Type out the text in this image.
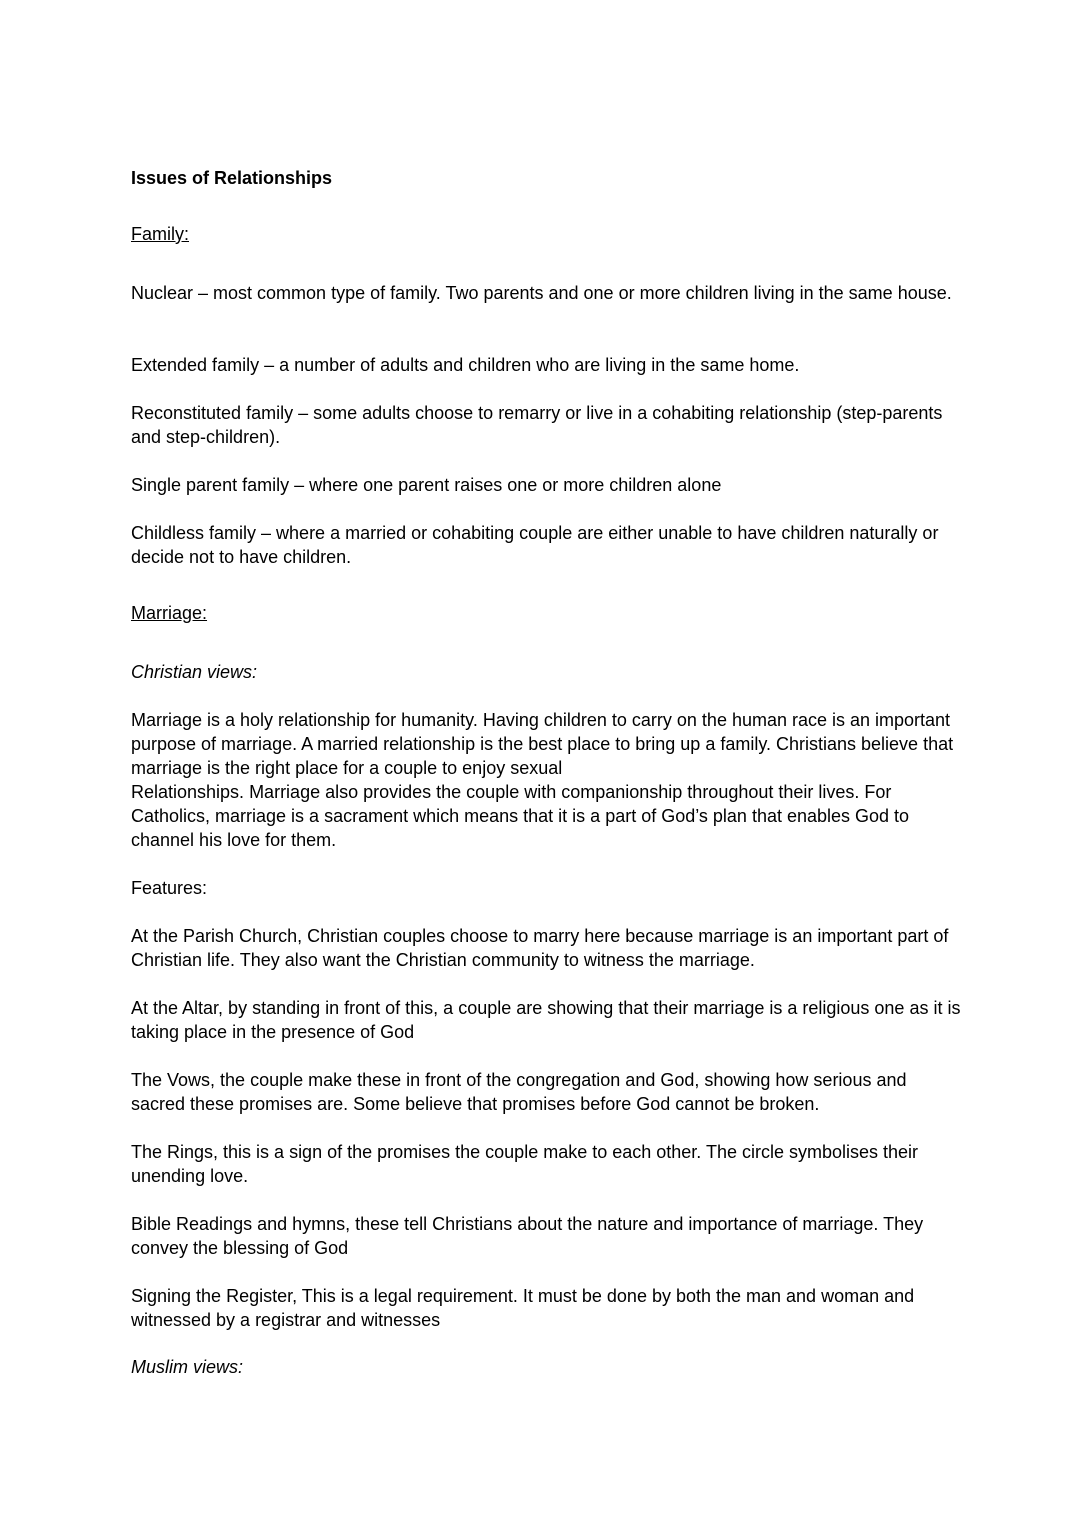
Issues of Relationships

Family:

Nuclear – most common type of family. Two parents and one or more children living in the same house.

Extended family – a number of adults and children who are living in the same home.

Reconstituted family – some adults choose to remarry or live in a cohabiting relationship (step-parents and step-children).

Single parent family – where one parent raises one or more children alone

Childless family – where a married or cohabiting couple are either unable to have children naturally or decide not to have children.

Marriage:

Christian views:

Marriage is a holy relationship for humanity. Having children to carry on the human race is an important purpose of marriage. A married relationship is the best place to bring up a family. Christians believe that marriage is the right place for a couple to enjoy sexual

Relationships. Marriage also provides the couple with companionship throughout their lives. For Catholics, marriage is a sacrament which means that it is a part of God’s plan that enables God to channel his love for them.

Features:

At the Parish Church, Christian couples choose to marry here because marriage is an important part of Christian life. They also want the Christian community to witness the marriage.

At the Altar, by standing in front of this, a couple are showing that their marriage is a religious one as it is taking place in the presence of God

The Vows, the couple make these in front of the congregation and God, showing how serious and sacred these promises are. Some believe that promises before God cannot be broken.

The Rings, this is a sign of the promises the couple make to each other. The circle symbolises their unending love.

Bible Readings and hymns, these tell Christians about the nature and importance of marriage. They convey the blessing of God

Signing the Register, This is a legal requirement. It must be done by both the man and woman and witnessed by a registrar and witnesses

Muslim views:
